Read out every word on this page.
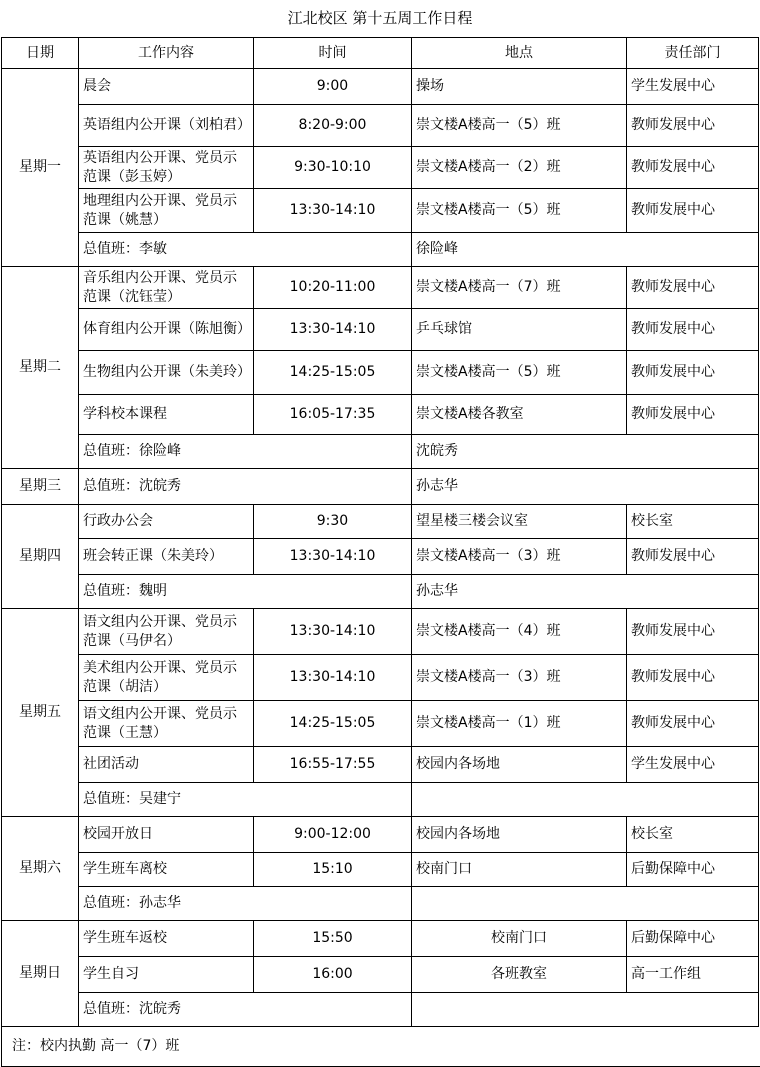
江北校区 第十五周工作日程
日期	工作内容	时间	地点	责任部门
星期一	晨会	9:00	操场	学生发展中心
	英语组内公开课（刘柏君）	8:20-9:00	崇文楼A楼高一（5）班	教师发展中心
	英语组内公开课、党员示范课（彭玉婷）	9:30-10:10	崇文楼A楼高一（2）班	教师发展中心
	地理组内公开课、党员示范课（姚慧）	13:30-14:10	崇文楼A楼高一（5）班	教师发展中心
	总值班：李敏		徐险峰	
星期二	音乐组内公开课、党员示范课（沈钰莹）	10:20-11:00	崇文楼A楼高一（7）班	教师发展中心
	体育组内公开课（陈旭衡）	13:30-14:10	乒乓球馆	教师发展中心
	生物组内公开课（朱美玲）	14:25-15:05	崇文楼A楼高一（5）班	教师发展中心
	学科校本课程	16:05-17:35	崇文楼A楼各教室	教师发展中心
	总值班：徐险峰		沈皖秀	
星期三	总值班：沈皖秀		孙志华	
星期四	行政办公会	9:30	望星楼三楼会议室	校长室
	班会转正课（朱美玲）	13:30-14:10	崇文楼A楼高一（3）班	教师发展中心
	总值班：魏明		孙志华	
星期五	语文组内公开课、党员示范课（马伊名）	13:30-14:10	崇文楼A楼高一（4）班	教师发展中心
	美术组内公开课、党员示范课（胡洁）	13:30-14:10	崇文楼A楼高一（3）班	教师发展中心
	语文组内公开课、党员示范课（王慧）	14:25-15:05	崇文楼A楼高一（1）班	教师发展中心
	社团活动	16:55-17:55	校园内各场地	学生发展中心
	总值班：吴建宁			
星期六	校园开放日	9:00-12:00	校园内各场地	校长室
	学生班车离校	15:10	校南门口	后勤保障中心
	总值班：孙志华			
星期日	学生班车返校	15:50	校南门口	后勤保障中心
	学生自习	16:00	各班教室	高一工作组
	总值班：沈皖秀			
注：校内执勤 高一（7）班
